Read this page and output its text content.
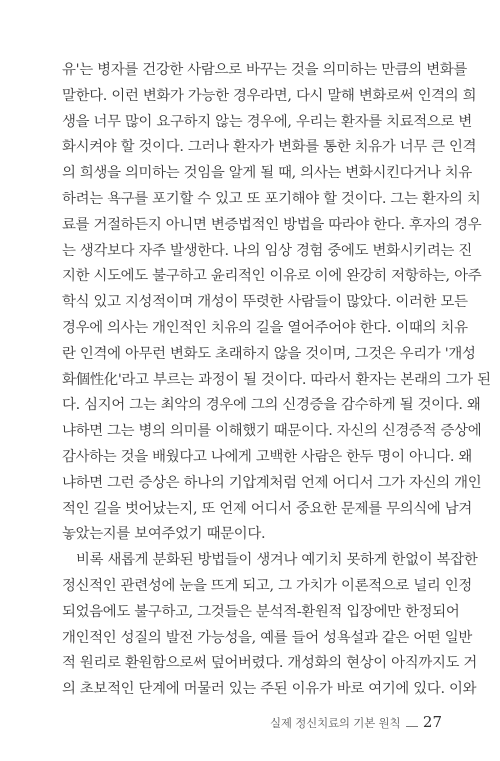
유'는 병자를 건강한 사람으로 바꾸는 것을 의미하는 만큼의 변화를
말한다. 이런 변화가 가능한 경우라면, 다시 말해 변화로써 인격의 희
생을 너무 많이 요구하지 않는 경우에, 우리는 환자를 치료적으로 변
화시켜야 할 것이다. 그러나 환자가 변화를 통한 치유가 너무 큰 인격
의 희생을 의미하는 것임을 알게 될 때, 의사는 변화시킨다거나 치유
하려는 욕구를 포기할 수 있고 또 포기해야 할 것이다. 그는 환자의 치
료를 거절하든지 아니면 변증법적인 방법을 따라야 한다. 후자의 경우
는 생각보다 자주 발생한다. 나의 임상 경험 중에도 변화시키려는 진
지한 시도에도 불구하고 윤리적인 이유로 이에 완강히 저항하는, 아주
학식 있고 지성적이며 개성이 뚜렷한 사람들이 많았다. 이러한 모든
경우에 의사는 개인적인 치유의 길을 열어주어야 한다. 이때의 치유
란 인격에 아무런 변화도 초래하지 않을 것이며, 그것은 우리가 '개성
화個性化'라고 부르는 과정이 될 것이다. 따라서 환자는 본래의 그가 된
다. 심지어 그는 최악의 경우에 그의 신경증을 감수하게 될 것이다. 왜
냐하면 그는 병의 의미를 이해했기 때문이다. 자신의 신경증적 증상에
감사하는 것을 배웠다고 나에게 고백한 사람은 한두 명이 아니다. 왜
냐하면 그런 증상은 하나의 기압계처럼 언제 어디서 그가 자신의 개인
적인 길을 벗어났는지, 또 언제 어디서 중요한 문제를 무의식에 남겨
놓았는지를 보여주었기 때문이다.
비록 새롭게 분화된 방법들이 생겨나 예기치 못하게 한없이 복잡한
정신적인 관련성에 눈을 뜨게 되고, 그 가치가 이론적으로 널리 인정
되었음에도 불구하고, 그것들은 분석적-환원적 입장에만 한정되어
개인적인 성질의 발전 가능성을, 예를 들어 성욕설과 같은 어떤 일반
적 원리로 환원함으로써 덮어버렸다. 개성화의 현상이 아직까지도 거
의 초보적인 단계에 머물러 있는 주된 이유가 바로 여기에 있다. 이와
실제 정신치료의 기본 원칙 27
